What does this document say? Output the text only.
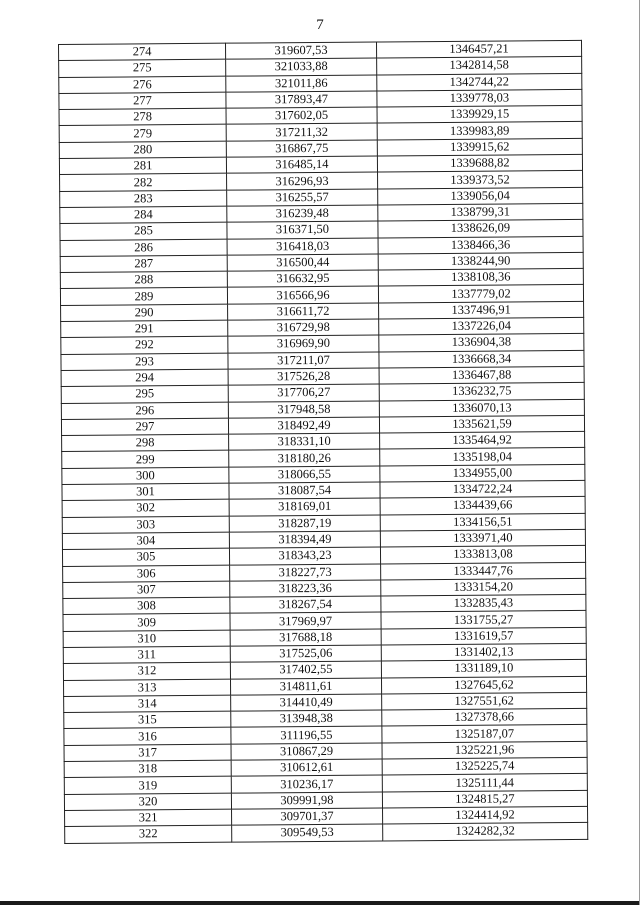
7
274	319607,53	1346457,21
275	321033,88	1342814,58
276	321011,86	1342744,22
277	317893,47	1339778,03
278	317602,05	1339929,15
279	317211,32	1339983,89
280	316867,75	1339915,62
281	316485,14	1339688,82
282	316296,93	1339373,52
283	316255,57	1339056,04
284	316239,48	1338799,31
285	316371,50	1338626,09
286	316418,03	1338466,36
287	316500,44	1338244,90
288	316632,95	1338108,36
289	316566,96	1337779,02
290	316611,72	1337496,91
291	316729,98	1337226,04
292	316969,90	1336904,38
293	317211,07	1336668,34
294	317526,28	1336467,88
295	317706,27	1336232,75
296	317948,58	1336070,13
297	318492,49	1335621,59
298	318331,10	1335464,92
299	318180,26	1335198,04
300	318066,55	1334955,00
301	318087,54	1334722,24
302	318169,01	1334439,66
303	318287,19	1334156,51
304	318394,49	1333971,40
305	318343,23	1333813,08
306	318227,73	1333447,76
307	318223,36	1333154,20
308	318267,54	1332835,43
309	317969,97	1331755,27
310	317688,18	1331619,57
311	317525,06	1331402,13
312	317402,55	1331189,10
313	314811,61	1327645,62
314	314410,49	1327551,62
315	313948,38	1327378,66
316	311196,55	1325187,07
317	310867,29	1325221,96
318	310612,61	1325225,74
319	310236,17	1325111,44
320	309991,98	1324815,27
321	309701,37	1324414,92
322	309549,53	1324282,32
